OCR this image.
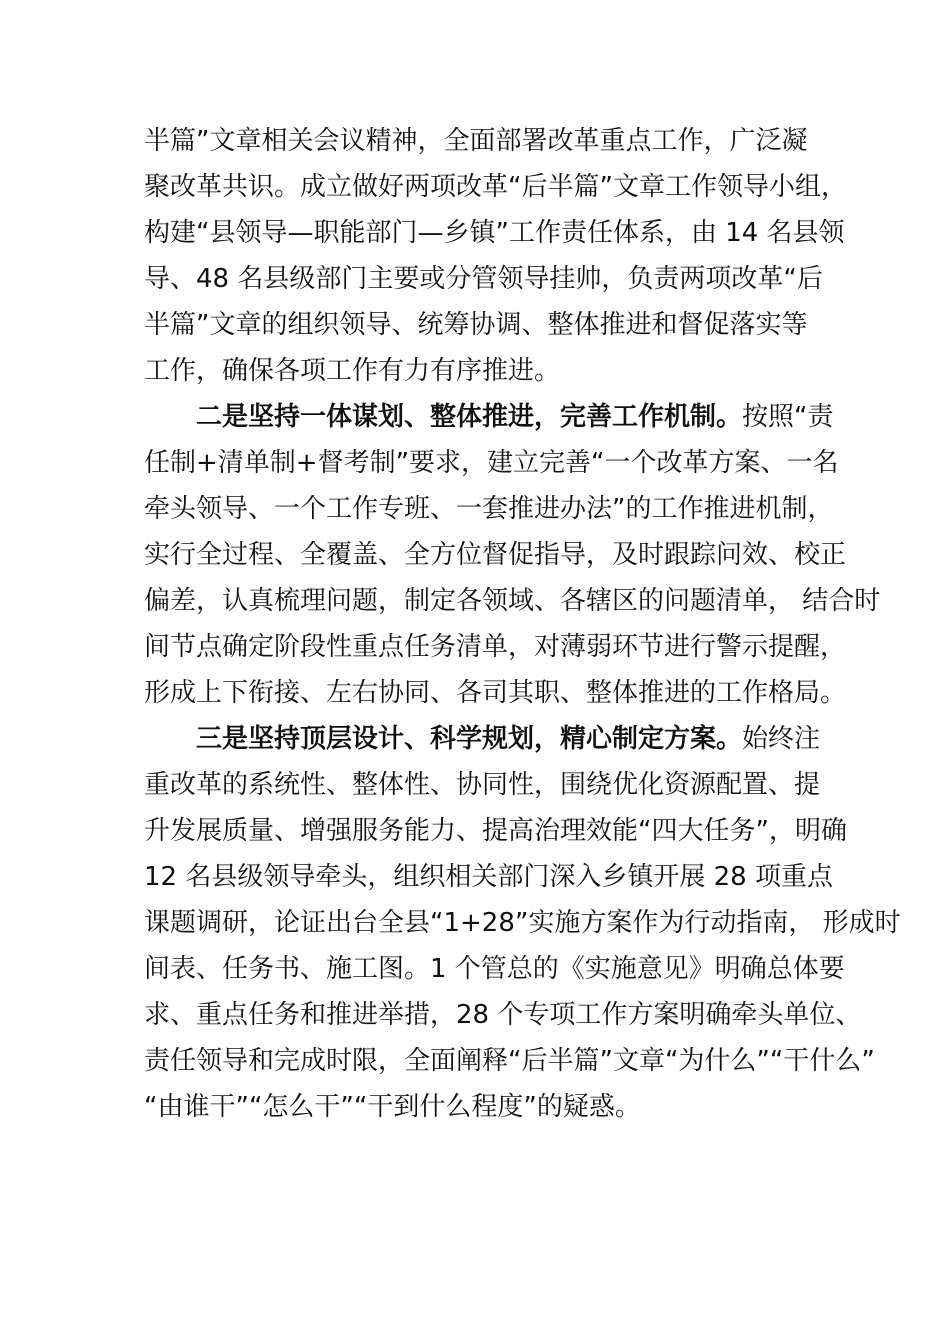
半篇”文章相关会议精神，全面部署改革重点工作，广泛凝
聚改革共识。成立做好两项改革“后半篇”文章工作领导小组，
构建“县领导—职能部门—乡镇”工作责任体系，由 14 名县领
导、48 名县级部门主要或分管领导挂帅，负责两项改革“后
半篇”文章的组织领导、统筹协调、整体推进和督促落实等
工作，确保各项工作有力有序推进。
二是坚持一体谋划、整体推进，完善工作机制。按照“责
任制+清单制+督考制”要求，建立完善“一个改革方案、一名
牵头领导、一个工作专班、一套推进办法”的工作推进机制，
实行全过程、全覆盖、全方位督促指导，及时跟踪问效、校正
偏差，认真梳理问题，制定各领域、各辖区的问题清单， 结合时
间节点确定阶段性重点任务清单，对薄弱环节进行警示提醒，
形成上下衔接、左右协同、各司其职、整体推进的工作格局。
三是坚持顶层设计、科学规划，精心制定方案。始终注
重改革的系统性、整体性、协同性，围绕优化资源配置、提
升发展质量、增强服务能力、提高治理效能“四大任务”，明确
12 名县级领导牵头，组织相关部门深入乡镇开展 28 项重点
课题调研，论证出台全县“1+28”实施方案作为行动指南， 形成时
间表、任务书、施工图。1 个管总的《实施意见》明确总体要
求、重点任务和推进举措，28 个专项工作方案明确牵头单位、
责任领导和完成时限，全面阐释“后半篇”文章“为什么”“干什么”
“由谁干”“怎么干”“干到什么程度”的疑惑。
